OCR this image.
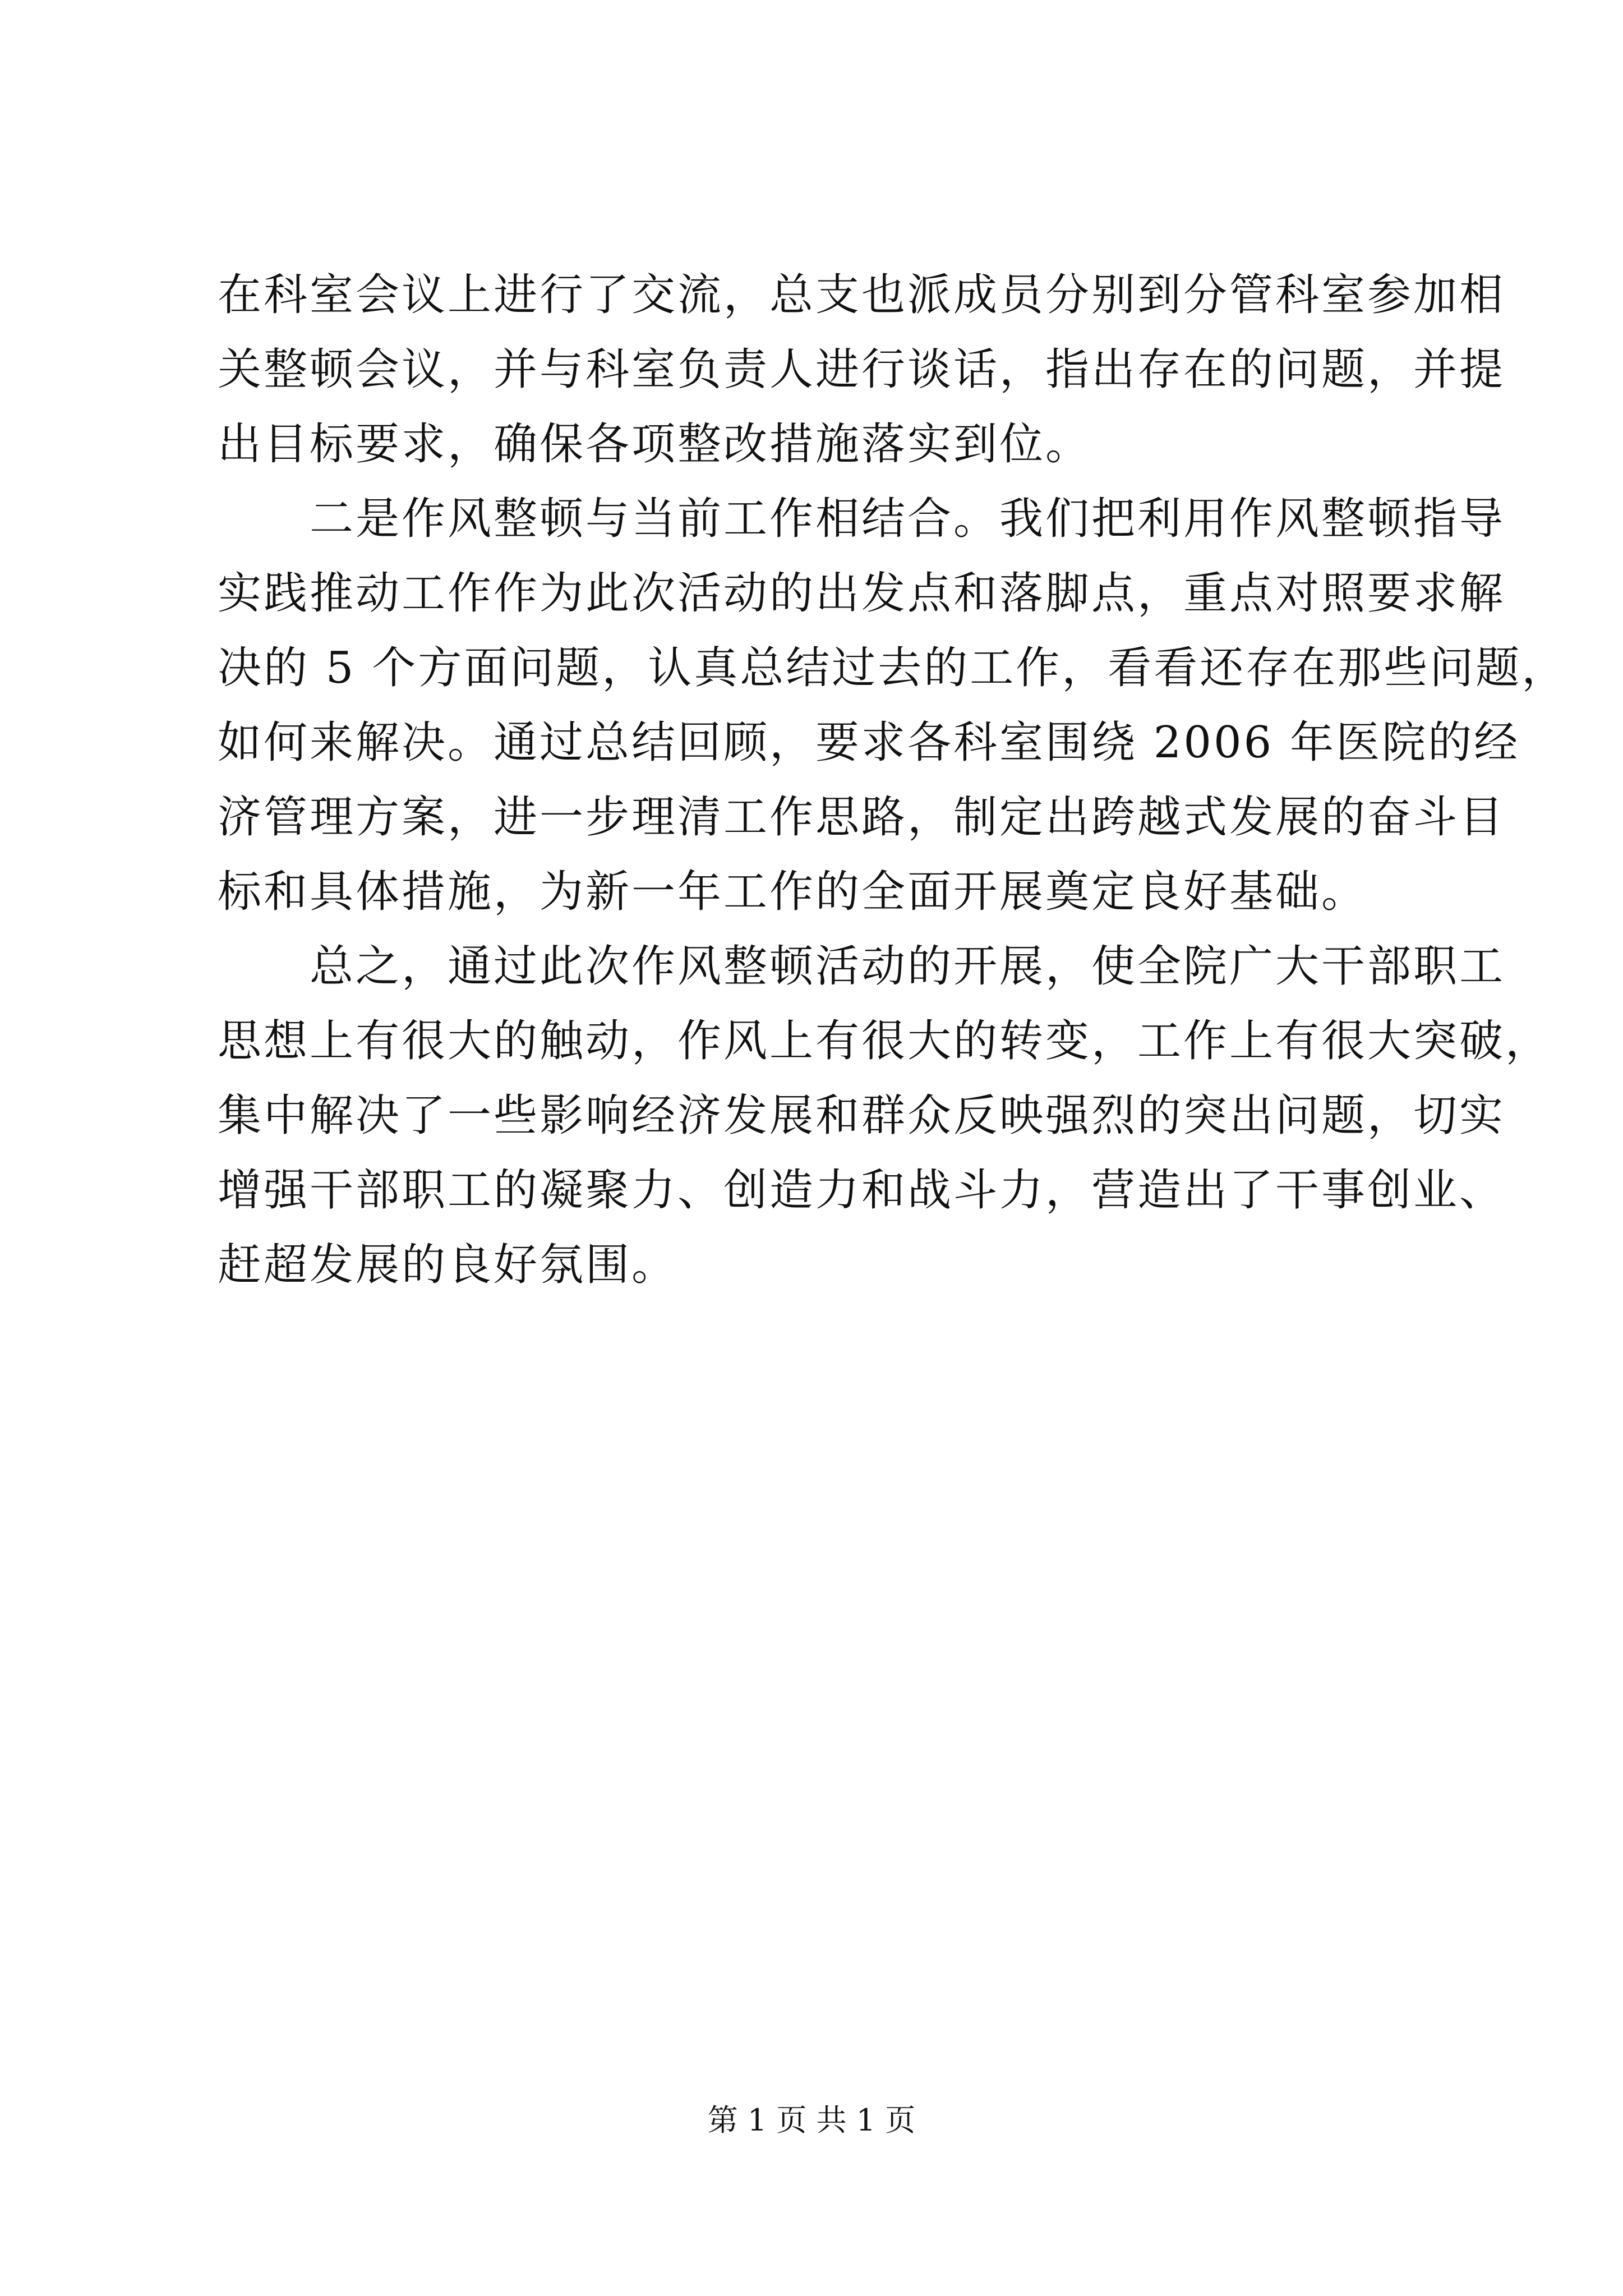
在科室会议上进行了交流，总支也派成员分别到分管科室参加相
关整顿会议，并与科室负责人进行谈话，指出存在的问题，并提
出目标要求，确保各项整改措施落实到位。
二是作风整顿与当前工作相结合。我们把利用作风整顿指导
实践推动工作作为此次活动的出发点和落脚点，重点对照要求解
决的 5 个方面问题，认真总结过去的工作，看看还存在那些问题，
如何来解决。通过总结回顾，要求各科室围绕 2006 年医院的经
济管理方案，进一步理清工作思路，制定出跨越式发展的奋斗目
标和具体措施，为新一年工作的全面开展奠定良好基础。
总之，通过此次作风整顿活动的开展，使全院广大干部职工
思想上有很大的触动，作风上有很大的转变，工作上有很大突破，
集中解决了一些影响经济发展和群众反映强烈的突出问题，切实
增强干部职工的凝聚力、创造力和战斗力，营造出了干事创业、
赶超发展的良好氛围。
第 1 页 共 1 页
